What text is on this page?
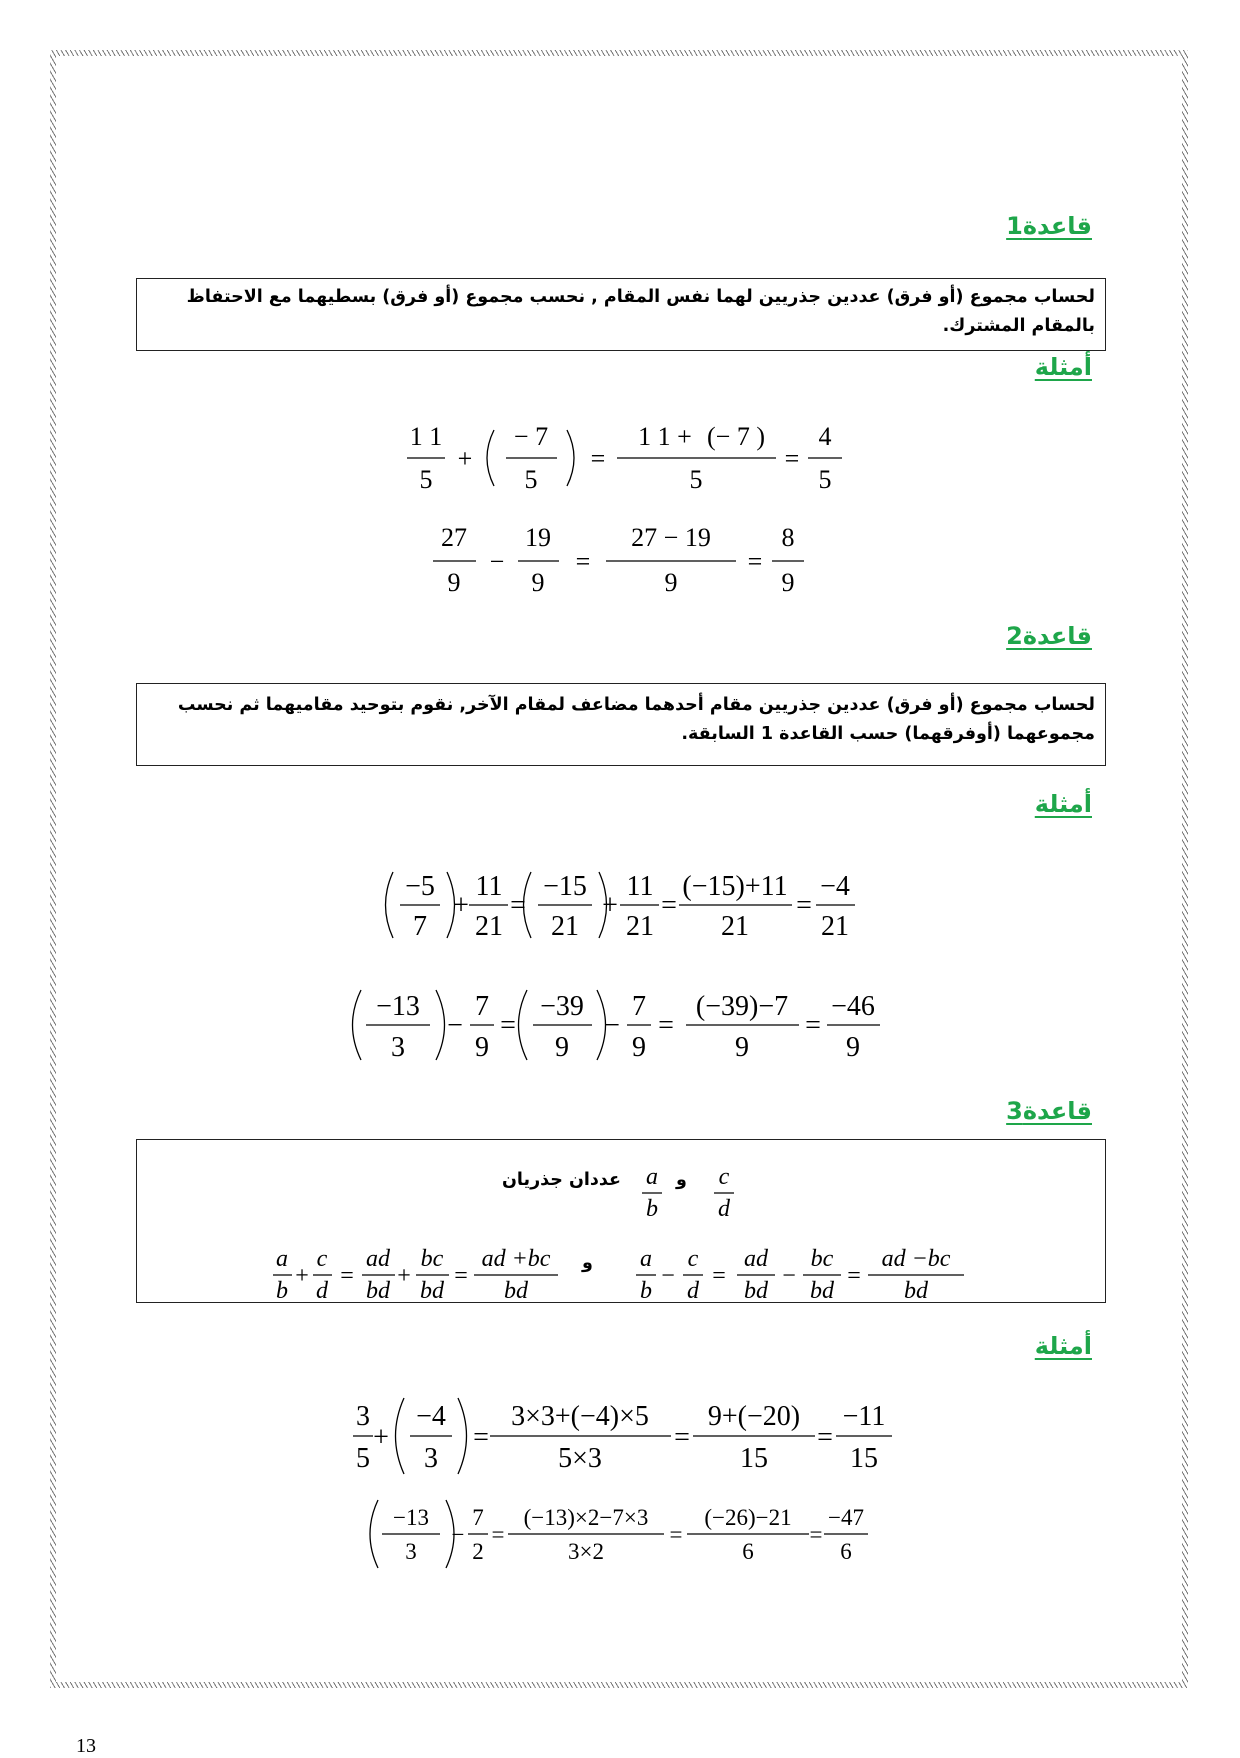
قاعدة1
لحساب مجموع (أو فرق) عددين جذريين لهما نفس المقام , نحسب مجموع (أو فرق) بسطيهما مع الاحتفاظ بالمقام المشترك.
أمثلة
قاعدة2
لحساب مجموع (أو فرق) عددين جذريين مقام أحدهما مضاعف لمقام الآخر, نقوم بتوحيد مقاميهما ثم نحسب مجموعهما (أوفرقهما) حسب القاعدة 1 السابقة.
أمثلة
قاعدة3
عددان جذريان	و
و
أمثلة
1 1
5
+
− 7
5
=
1 1 + (− 7 )
5
=
4
5
27
9
−
19
9
=
27 − 19
9
=
8
9
−5
7
+
11
21
=
−15
21
+
11
21
=
(−15)+11
21
=
−4
21
−13
3
−
7
9
=
−39
9
−
7
9
=
(−39)−7
9
=
−46
9
a
b
c
d
a
b
c
d
ad
bd
bc
bd
ad +bc
bd
a
b
c
d
ad
bd
bc
bd
ad −bc
bd
+ = + =	− = − =
3
5
+
−4
3
=
3×3+(−4)×5
5×3
=
9+(−20)
15
=
−11
15
−13
3
−
7
2
=
(−13)×2−7×3
3×2
=
(−26)−21
6
=
−47
6
13
